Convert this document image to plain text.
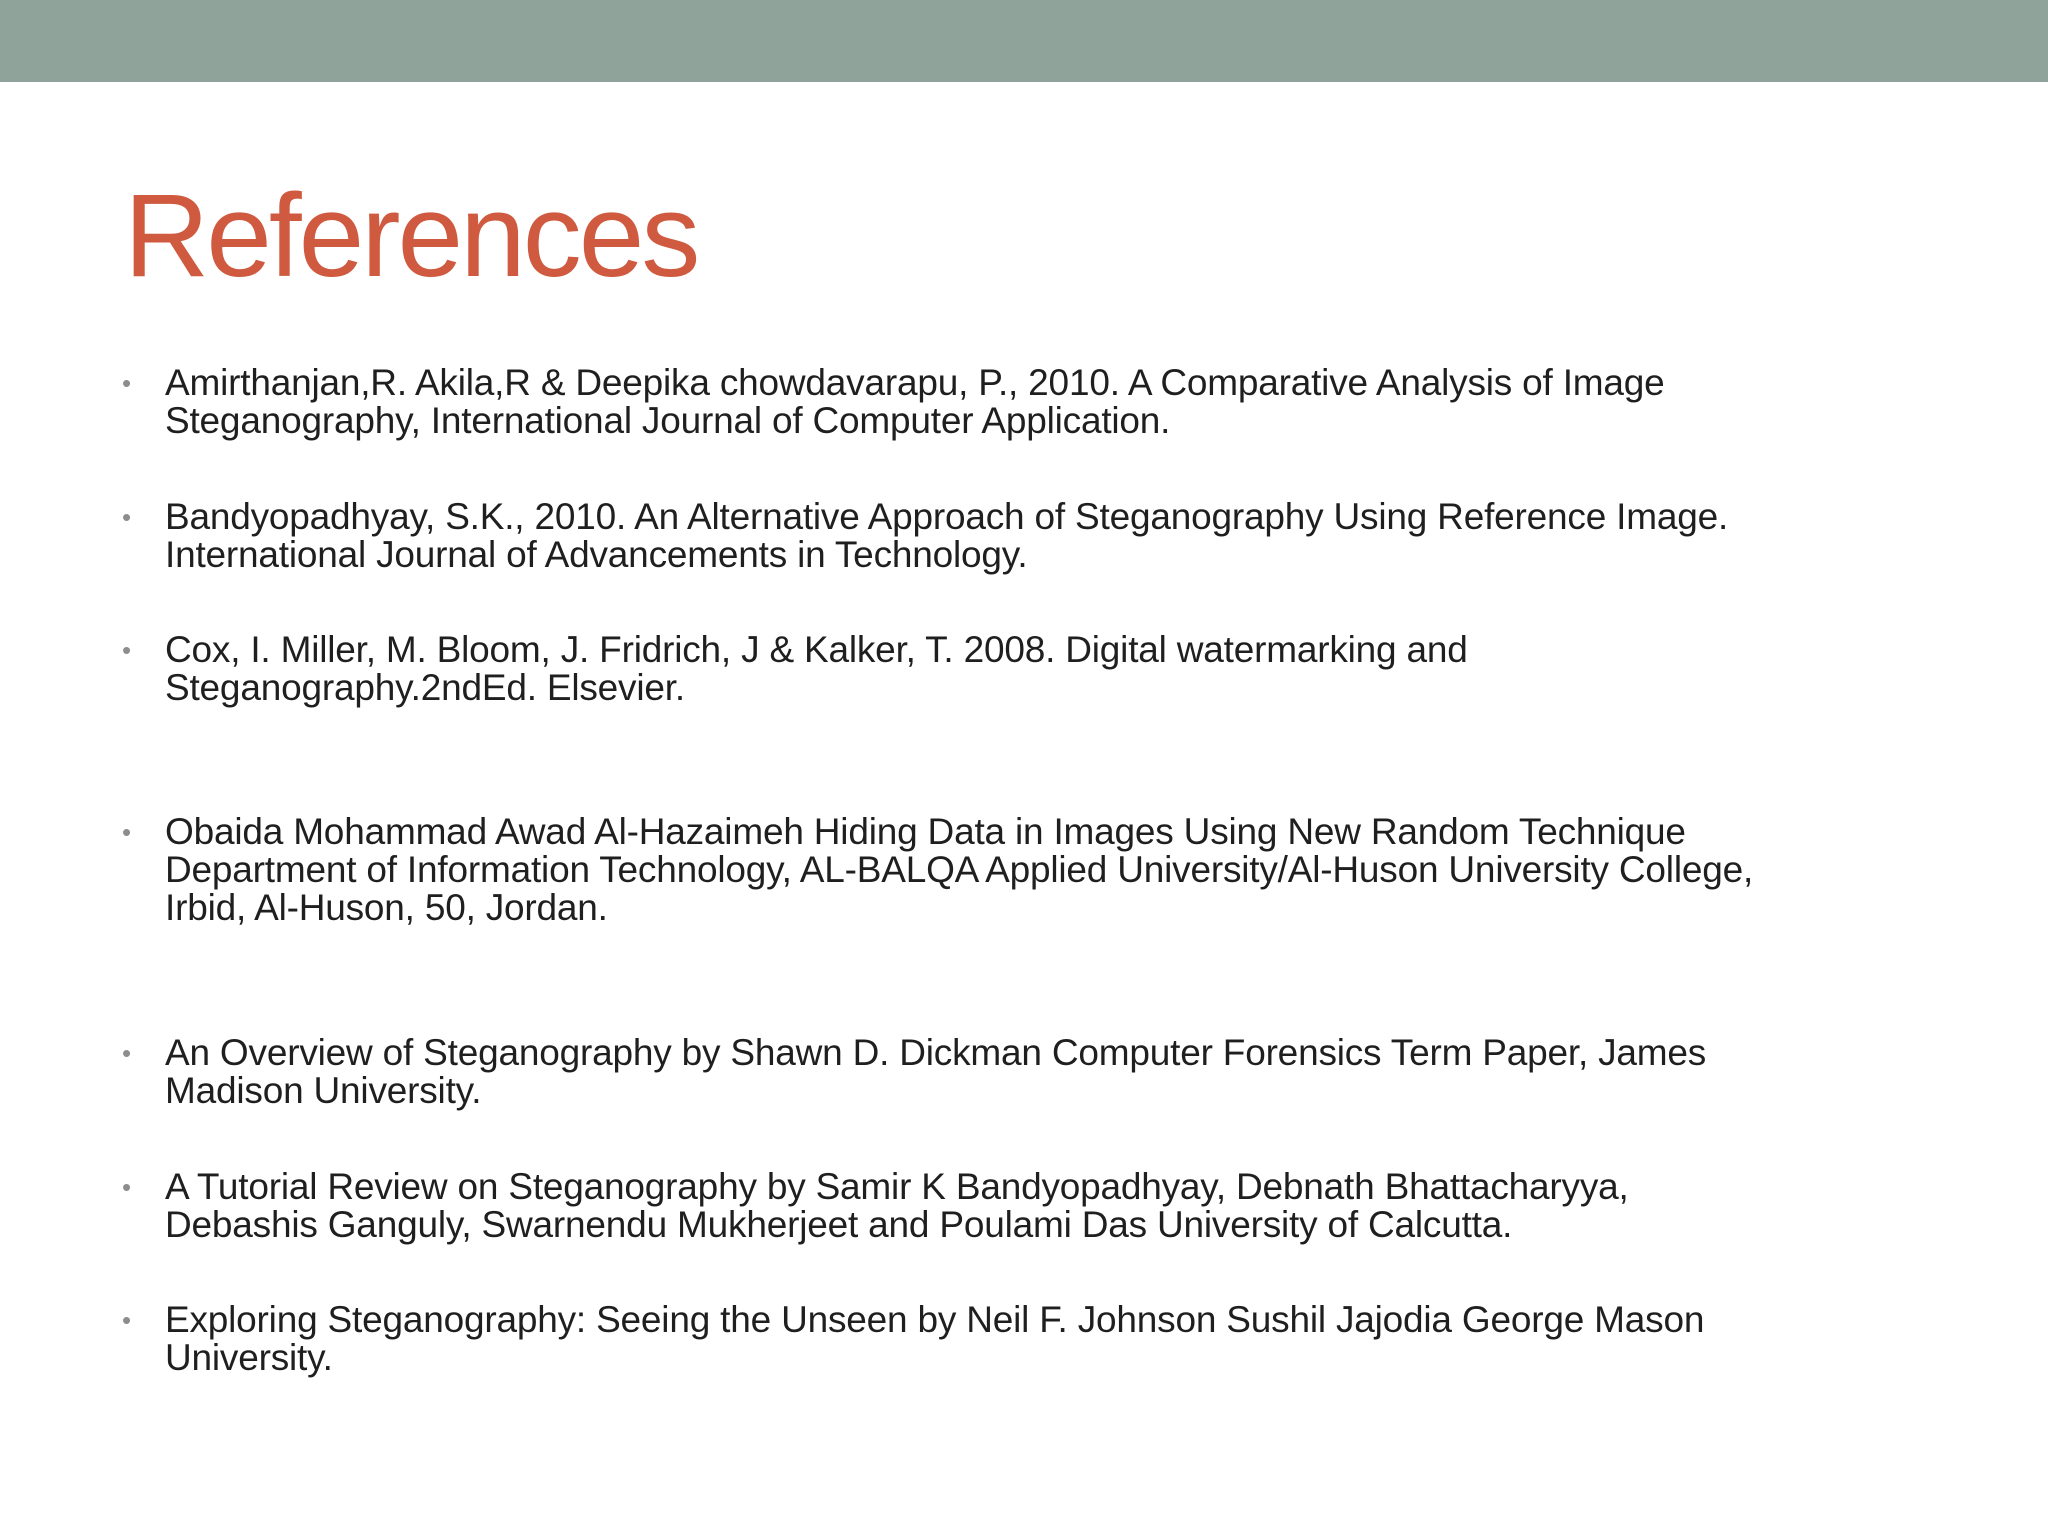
References
• Amirthanjan,R. Akila,R & Deepika chowdavarapu, P., 2010. A Comparative Analysis of Image
Steganography, International Journal of Computer Application.
• Bandyopadhyay, S.K., 2010. An Alternative Approach of Steganography Using Reference Image.
International Journal of Advancements in Technology.
• Cox, I. Miller, M. Bloom, J. Fridrich, J & Kalker, T. 2008. Digital watermarking and
Steganography.2ndEd. Elsevier.
• Obaida Mohammad Awad Al-Hazaimeh Hiding Data in Images Using New Random Technique
Department of Information Technology, AL-BALQA Applied University/Al-Huson University College,
Irbid, Al-Huson, 50, Jordan.
• An Overview of Steganography by Shawn D. Dickman Computer Forensics Term Paper, James
Madison University.
• A Tutorial Review on Steganography by Samir K Bandyopadhyay, Debnath Bhattacharyya,
Debashis Ganguly, Swarnendu Mukherjeet and Poulami Das University of Calcutta.
• Exploring Steganography: Seeing the Unseen by Neil F. Johnson Sushil Jajodia George Mason
University.
